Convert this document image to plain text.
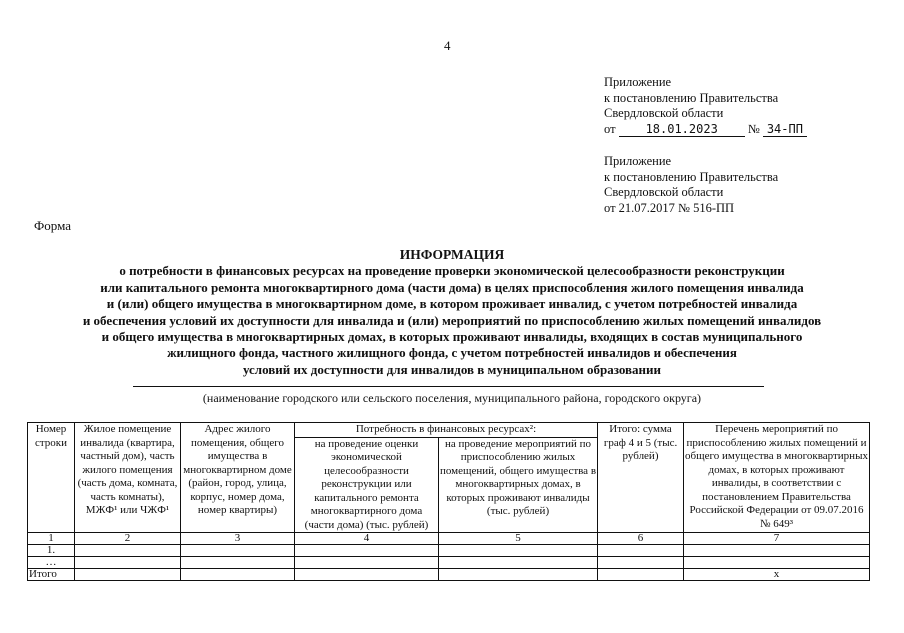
4
Приложение
к постановлению Правительства
Свердловской области
от	18.01.2023 № 34-ПП
Приложение
к постановлению Правительства
Свердловской области
от 21.07.2017 № 516-ПП
Форма
ИНФОРМАЦИЯ
о потребности в финансовых ресурсах на проведение проверки экономической целесообразности реконструкции
или капитального ремонта многоквартирного дома (части дома) в целях приспособления жилого помещения инвалида
и (или) общего имущества в многоквартирном доме, в котором проживает инвалид, с учетом потребностей инвалида
и обеспечения условий их доступности для инвалида и (или) мероприятий по приспособлению жилых помещений инвалидов
и общего имущества в многоквартирных домах, в которых проживают инвалиды, входящих в состав муниципального
жилищного фонда, частного жилищного фонда, с учетом потребностей инвалидов и обеспечения
условий их доступности для инвалидов в муниципальном образовании
(наименование городского или сельского поселения, муниципального района, городского округа)
Номер строки	Жилое помещение инвалида (квартира, частный дом), часть жилого помещения (часть дома, комната, часть комнаты), МЖФ¹ или ЧЖФ¹	Адрес жилого помещения, общего имущества в многоквартирном доме (район, город, улица, корпус, номер дома, номер квартиры)	Потребность в финансовых ресурсах²:		Итого: сумма граф 4 и 5 (тыс. рублей)	Перечень мероприятий по приспособлению жилых помещений и общего имущества в многоквартирных домах, в которых проживают инвалиды, в соответствии с постановлением Правительства Российской Федерации от 09.07.2016 № 649³
			на проведение оценки экономической целесообразности реконструкции или капитального ремонта многоквартирного дома (части дома) (тыс. рублей)	на проведение мероприятий по приспособлению жилых помещений, общего имущества в многоквартирных домах, в которых проживают инвалиды (тыс. рублей)		
1	2	3	4	5	6	7
1.						
…						
Итого						x
